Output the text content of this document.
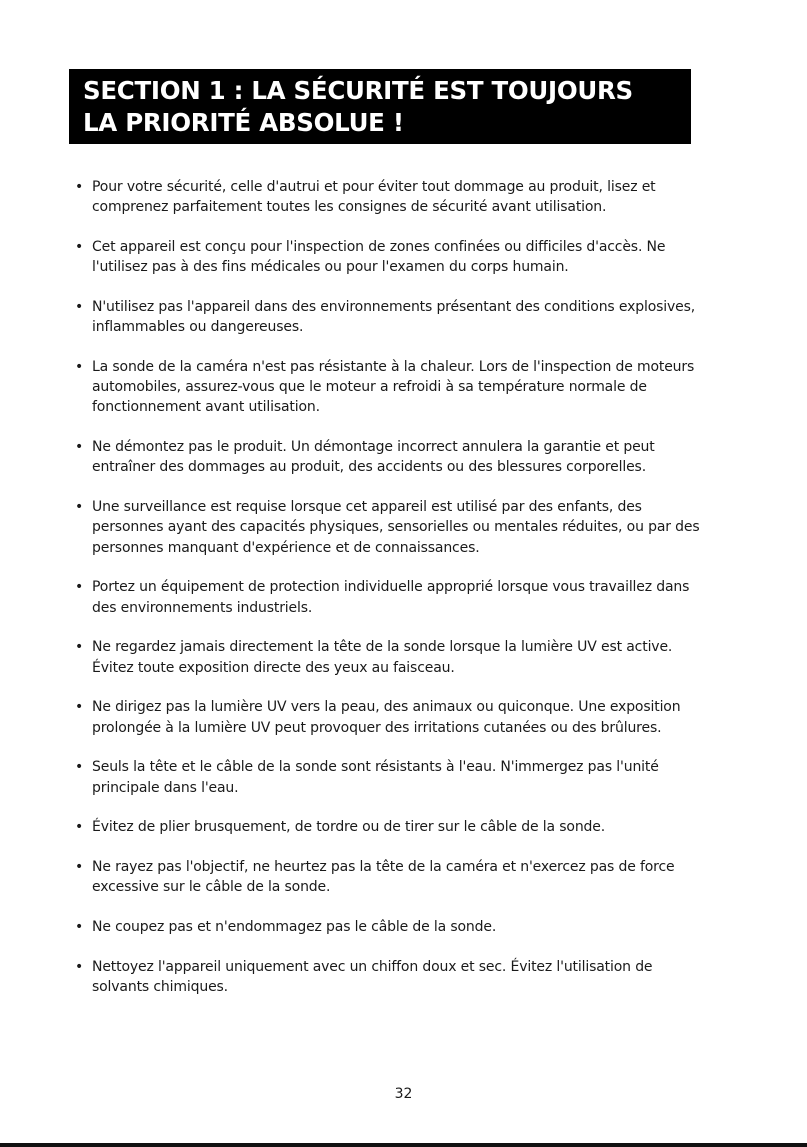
SECTION 1 : LA SÉCURITÉ EST TOUJOURS
LA PRIORITÉ ABSOLUE !
• Pour votre sécurité, celle d'autrui et pour éviter tout dommage au produit, lisez et comprenez parfaitement toutes les consignes de sécurité avant utilisation.
• Cet appareil est conçu pour l'inspection de zones confinées ou difficiles d'accès. Ne l'utilisez pas à des fins médicales ou pour l'examen du corps humain.
• N'utilisez pas l'appareil dans des environnements présentant des conditions explosives, inflammables ou dangereuses.
• La sonde de la caméra n'est pas résistante à la chaleur. Lors de l'inspection de moteurs automobiles, assurez-vous que le moteur a refroidi à sa température normale de fonctionnement avant utilisation.
• Ne démontez pas le produit. Un démontage incorrect annulera la garantie et peut entraîner des dommages au produit, des accidents ou des blessures corporelles.
• Une surveillance est requise lorsque cet appareil est utilisé par des enfants, des personnes ayant des capacités physiques, sensorielles ou mentales réduites, ou par des personnes manquant d'expérience et de connaissances.
• Portez un équipement de protection individuelle approprié lorsque vous travaillez dans des environnements industriels.
• Ne regardez jamais directement la tête de la sonde lorsque la lumière UV est active. Évitez toute exposition directe des yeux au faisceau.
• Ne dirigez pas la lumière UV vers la peau, des animaux ou quiconque. Une exposition prolongée à la lumière UV peut provoquer des irritations cutanées ou des brûlures.
• Seuls la tête et le câble de la sonde sont résistants à l'eau. N'immergez pas l'unité principale dans l'eau.
• Évitez de plier brusquement, de tordre ou de tirer sur le câble de la sonde.
• Ne rayez pas l'objectif, ne heurtez pas la tête de la caméra et n'exercez pas de force excessive sur le câble de la sonde.
• Ne coupez pas et n'endommagez pas le câble de la sonde.
• Nettoyez l'appareil uniquement avec un chiffon doux et sec. Évitez l'utilisation de solvants chimiques.
32
